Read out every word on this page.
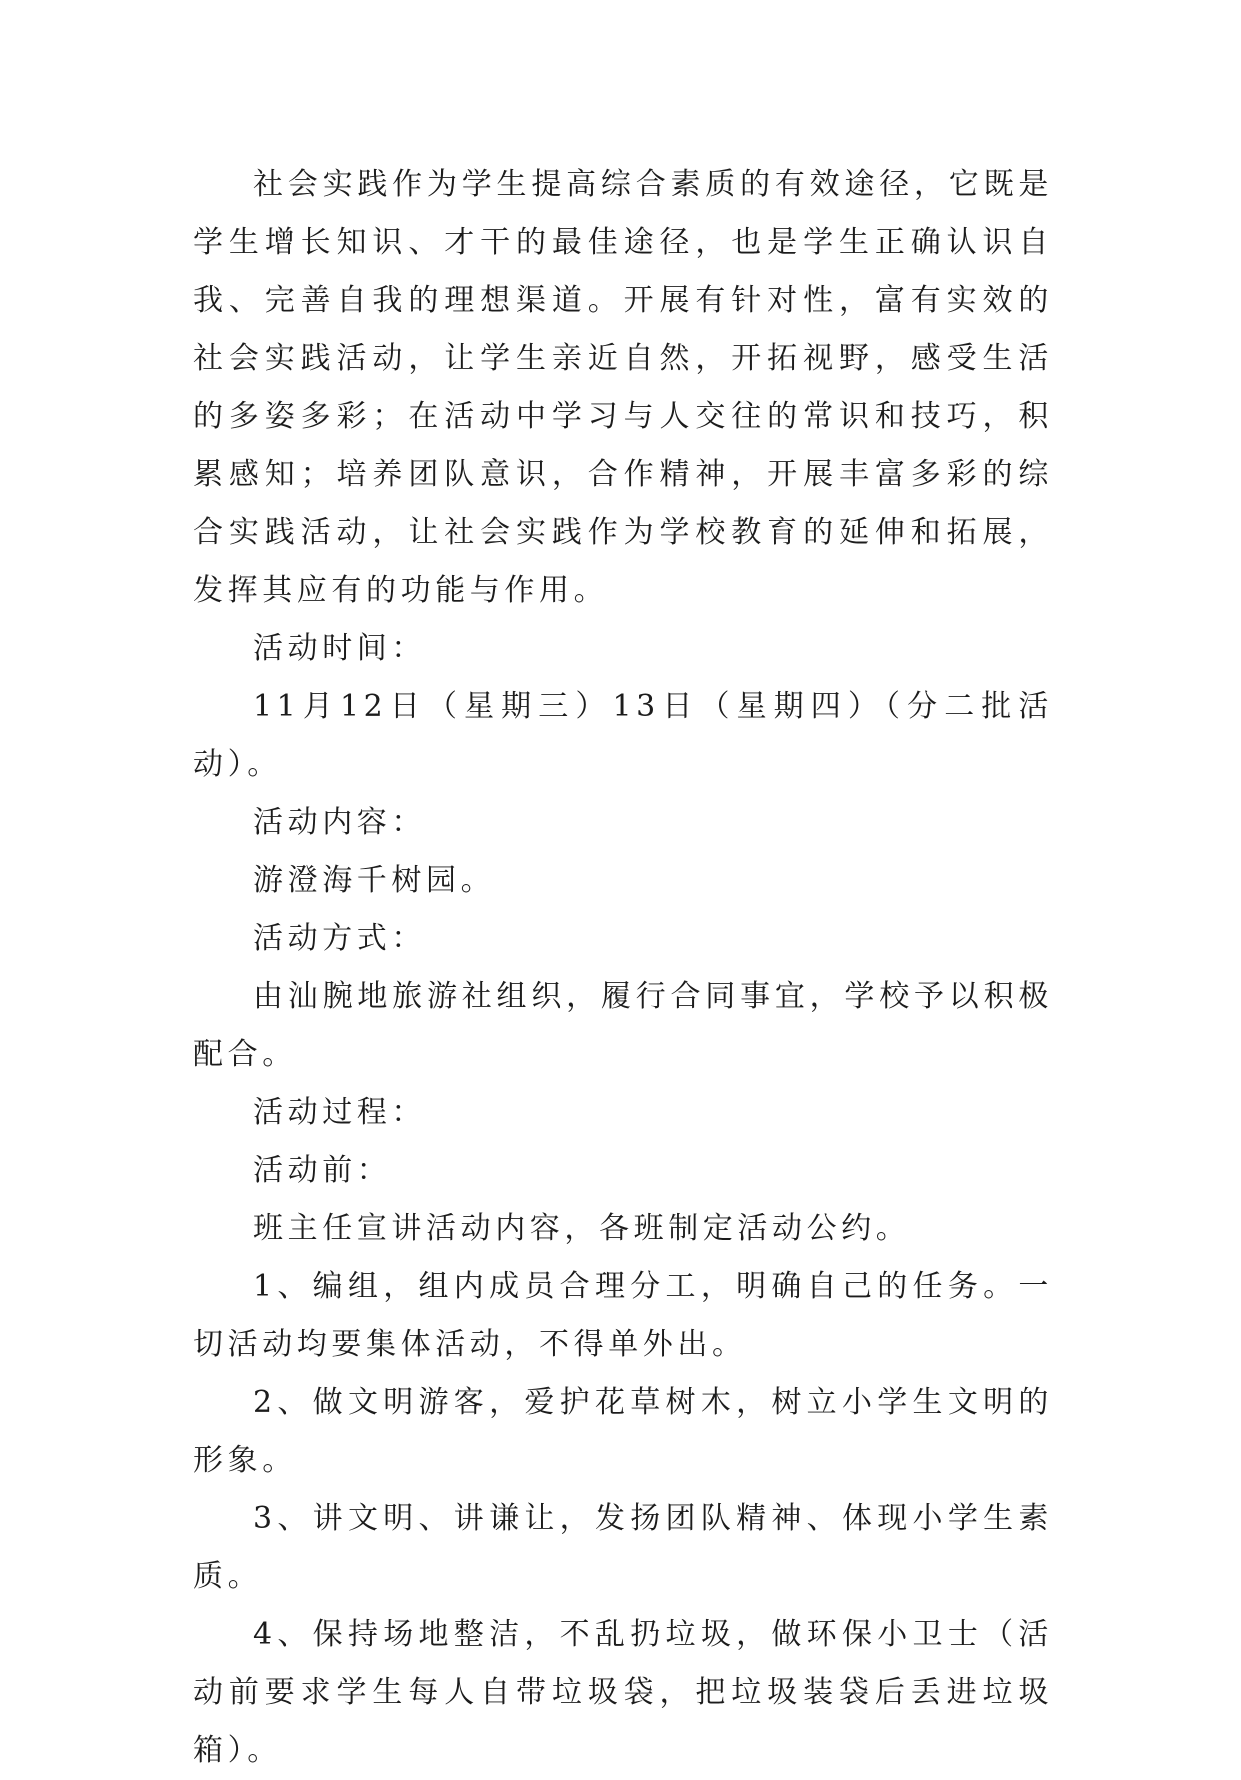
社会实践作为学生提高综合素质的有效途径，它既是学生增长知识、才干的最佳途径，也是学生正确认识自我、完善自我的理想渠道。开展有针对性，富有实效的社会实践活动，让学生亲近自然，开拓视野，感受生活的多姿多彩；在活动中学习与人交往的常识和技巧，积累感知；培养团队意识，合作精神，开展丰富多彩的综合实践活动，让社会实践作为学校教育的延伸和拓展，发挥其应有的功能与作用。

活动时间：

11月12日（星期三）13日（星期四）（分二批活动）。

活动内容：

游澄海千树园。

活动方式：

由汕腕地旅游社组织，履行合同事宜，学校予以积极配合。

活动过程：

活动前：

班主任宣讲活动内容，各班制定活动公约。

1、编组，组内成员合理分工，明确自己的任务。一切活动均要集体活动，不得单外出。

2、做文明游客，爱护花草树木，树立小学生文明的形象。

3、讲文明、讲谦让，发扬团队精神、体现小学生素质。

4、保持场地整洁，不乱扔垃圾，做环保小卫士（活动前要求学生每人自带垃圾袋，把垃圾装袋后丢进垃圾箱）。
